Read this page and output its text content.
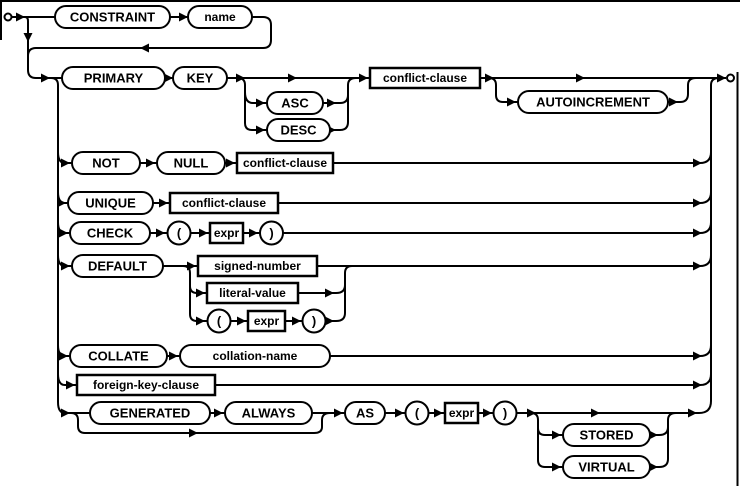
CONSTRAINT	name
PRIMARY	KEY
ASC
DESC
AUTOINCREMENT
NOT	NULL
UNIQUE
CHECK
DEFAULT
COLLATE	collation-name
GENERATED	ALWAYS	AS
STORED
VIRTUAL
(	)
(	)
(	)
conflict-clause
conflict-clause
conflict-clause
expr
signed-number
literal-value
expr
foreign-key-clause
expr
